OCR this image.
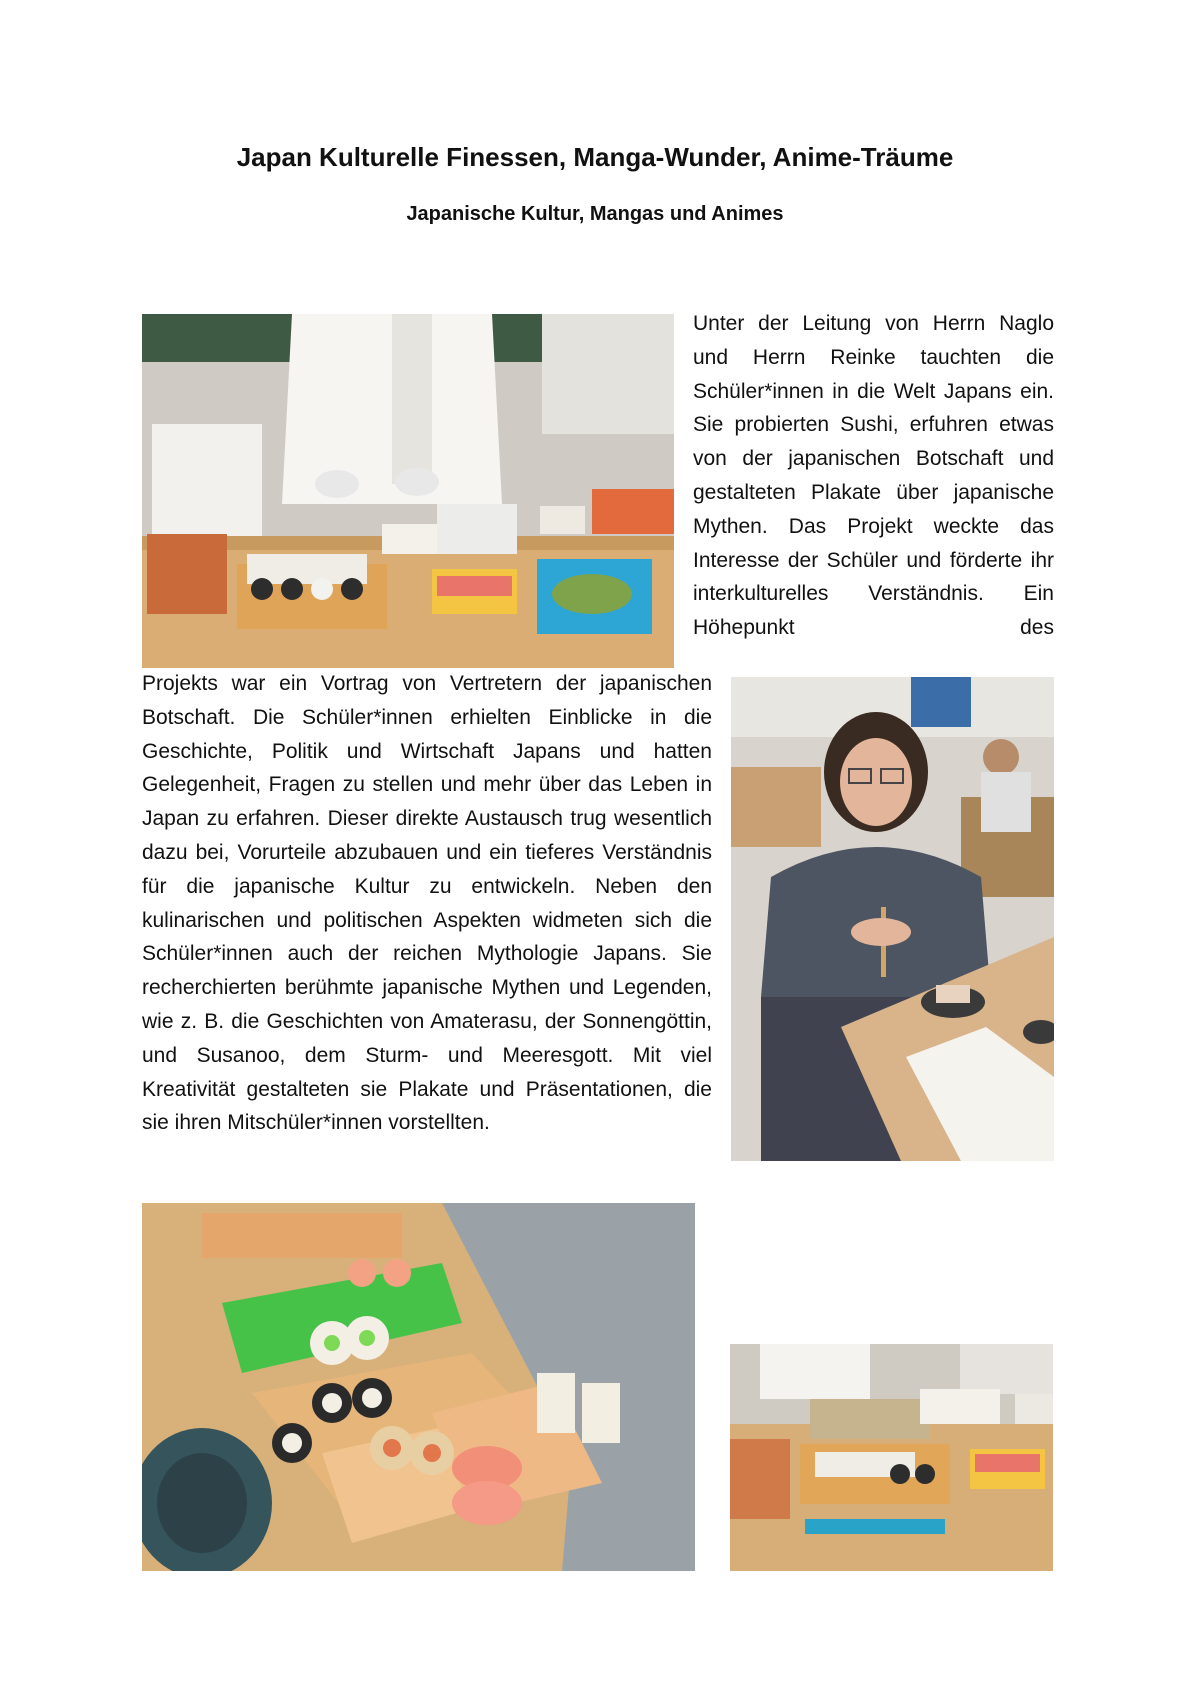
Japan Kulturelle Finessen, Manga-Wunder, Anime-Träume
Japanische Kultur, Mangas und Animes

Unter der Leitung von Herrn Naglo und Herrn Reinke tauchten die Schüler*innen in die Welt Japans ein. Sie probierten Sushi, erfuhren etwas von der japanischen Botschaft und gestalteten Plakate über japanische Mythen. Das Projekt weckte das Interesse der Schüler und förderte ihr interkulturelles Verständnis. Ein Höhepunkt des

Projekts war ein Vortrag von Vertretern der japanischen Botschaft. Die Schüler*innen erhielten Einblicke in die Geschichte, Politik und Wirtschaft Japans und hatten Gelegenheit, Fragen zu stellen und mehr über das Leben in Japan zu erfahren. Dieser direkte Austausch trug wesentlich dazu bei, Vorurteile abzubauen und ein tieferes Verständnis für die japanische Kultur zu entwickeln. Neben den kulinarischen und politischen Aspekten widmeten sich die Schüler*innen auch der reichen Mythologie Japans. Sie recherchierten berühmte japanische Mythen und Legenden, wie z. B. die Geschichten von Amaterasu, der Sonnengöttin, und Susanoo, dem Sturm- und Meeresgott. Mit viel Kreativität gestalteten sie Plakate und Präsentationen, die sie ihren Mitschüler*innen vorstellten.
